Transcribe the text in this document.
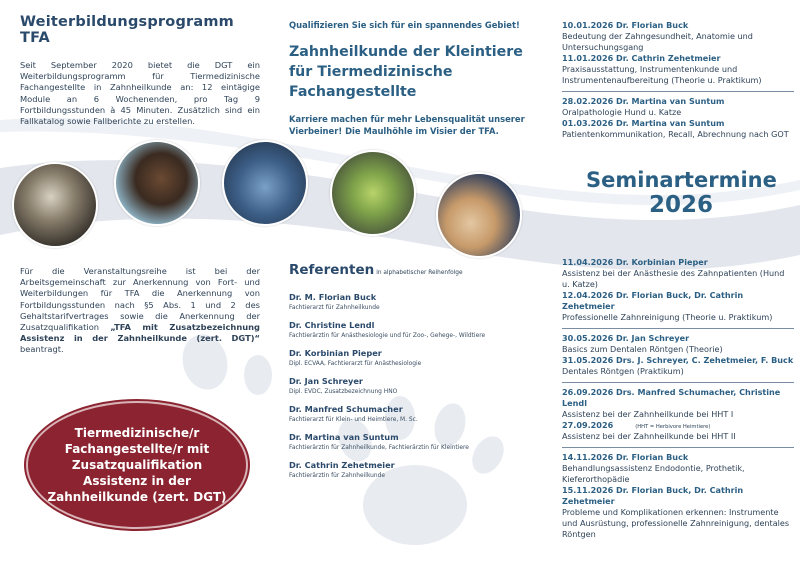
Weiterbildungsprogramm TFA
Seit September 2020 bietet die DGT ein Weiterbildungsprogramm für Tiermedizinische Fachangestellte in Zahnheilkunde an: 12 eintägige Module an 6 Wochenenden, pro Tag 9 Fortbildungsstunden à 45 Minuten. Zusätzlich sind ein Fallkatalog sowie Fallberichte zu erstellen.
Für die Veranstaltungsreihe ist bei der Arbeitsgemeinschaft zur Anerkennung von Fort- und Weiterbildungen für TFA die Anerkennung von Fortbildungsstunden nach §5 Abs. 1 und 2 des Gehaltstarifvertrages sowie die Anerkennung der Zusatzqualifikation „TFA mit Zusatzbezeichnung Assistenz in der Zahnheilkunde (zert. DGT)“ beantragt.
Tiermedizinische/r Fachangestellte/r mit Zusatzqualifikation Assistenz in der Zahnheilkunde (zert. DGT)
Qualifizieren Sie sich für ein spannendes Gebiet!
Zahnheilkunde der Kleintiere für Tiermedizinische Fachangestellte
Karriere machen für mehr Lebensqualität unserer Vierbeiner! Die Maulhöhle im Visier der TFA.
Referenten in alphabetischer Reihenfolge
Dr. M. Florian Buck
Fachtierarzt für Zahnheilkunde
Dr. Christine Lendl
Fachtierärztin für Anästhesiologie und für Zoo-, Gehege-, Wildtiere
Dr. Korbinian Pieper
Dipl. ECVAA, Fachtierarzt für Anästhesiologie
Dr. Jan Schreyer
Dipl. EVDC, Zusatzbezeichnung HNO
Dr. Manfred Schumacher
Fachtierarzt für Klein- und Heimtiere, M. Sc.
Dr. Martina van Suntum
Fachtierärztin für Zahnheilkunde, Fachtierärztin für Kleintiere
Dr. Cathrin Zehetmeier
Fachtierärztin für Zahnheilkunde
10.01.2026 Dr. Florian Buck
Bedeutung der Zahngesundheit, Anatomie und Untersuchungsgang
11.01.2026 Dr. Cathrin Zehetmeier
Praxisausstattung, Instrumentenkunde und Instrumentenaufbereitung (Theorie u. Praktikum)
28.02.2026 Dr. Martina van Suntum
Oralpathologie Hund u. Katze
01.03.2026 Dr. Martina van Suntum
Patientenkommunikation, Recall, Abrechnung nach GOT
Seminartermine
2026
11.04.2026 Dr. Korbinian Pieper
Assistenz bei der Anästhesie des Zahnpatienten (Hund u. Katze)
12.04.2026 Dr. Florian Buck, Dr. Cathrin Zehetmeier
Professionelle Zahnreinigung (Theorie u. Praktikum)
30.05.2026 Dr. Jan Schreyer
Basics zum Dentalen Röntgen (Theorie)
31.05.2026 Drs. J. Schreyer, C. Zehetmeier, F. Buck
Dentales Röntgen (Praktikum)
26.09.2026 Drs. Manfred Schumacher, Christine Lendl
Assistenz bei der Zahnheilkunde bei HHT I
27.09.2026	(HHT = Herbivore Heimtiere)
Assistenz bei der Zahnheilkunde bei HHT II
14.11.2026 Dr. Florian Buck
Behandlungsassistenz Endodontie, Prothetik, Kieferorthopädie
15.11.2026 Dr. Florian Buck, Dr. Cathrin Zehetmeier
Probleme und Komplikationen erkennen: Instrumente und Ausrüstung, professionelle Zahnreinigung, dentales Röntgen
